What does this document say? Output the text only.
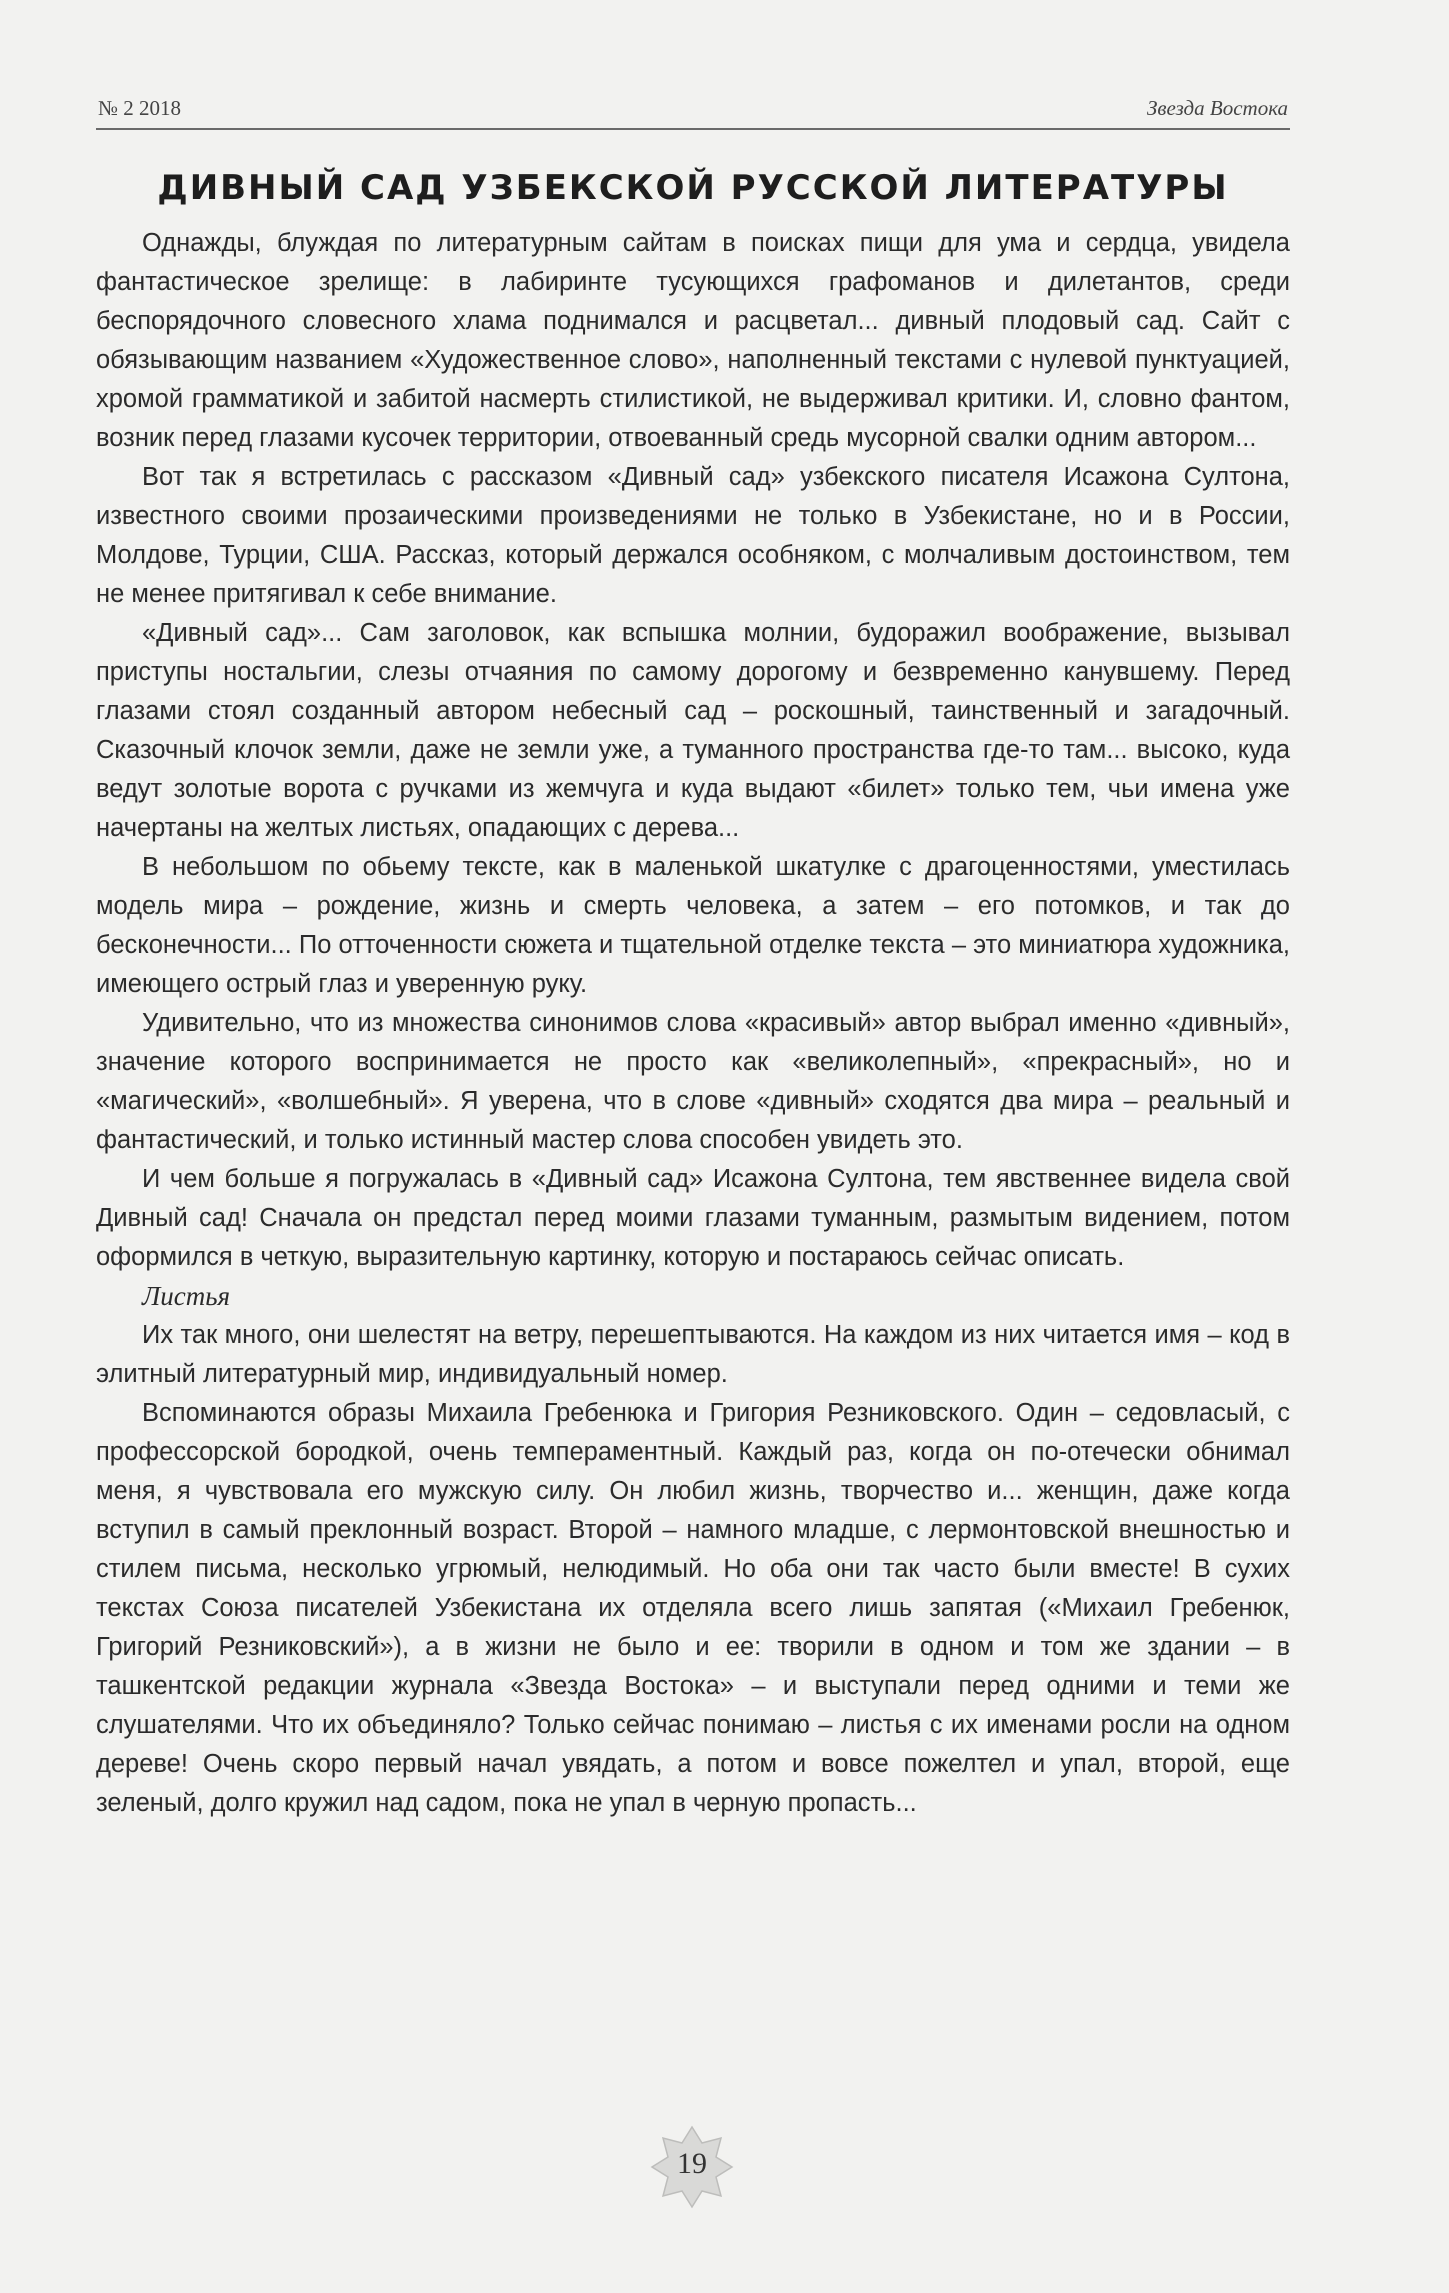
№ 2 2018	Звезда Востока
ДИВНЫЙ САД УЗБЕКСКОЙ РУССКОЙ ЛИТЕРАТУРЫ

Однажды, блуждая по литературным сайтам в поисках пищи для ума и сердца, увидела фантастическое зрелище: в лабиринте тусующихся графоманов и дилетантов, среди беспорядочного словесного хлама поднимался и расцветал... дивный плодовый сад. Сайт с обязывающим названием «Художественное слово», наполненный текстами с нулевой пунктуацией, хромой грамматикой и забитой насмерть стилистикой, не выдерживал критики. И, словно фантом, возник перед глазами кусочек территории, отвоеванный средь мусорной свалки одним автором...

Вот так я встретилась с рассказом «Дивный сад» узбекского писателя Исажона Султона, известного своими прозаическими произведениями не только в Узбекистане, но и в России, Молдове, Турции, США. Рассказ, который держался особняком, с молчаливым достоинством, тем не менее притягивал к себе внимание.

«Дивный сад»... Сам заголовок, как вспышка молнии, будоражил воображение, вызывал приступы ностальгии, слезы отчаяния по самому дорогому и безвременно канувшему. Перед глазами стоял созданный автором небесный сад – роскошный, таинственный и загадочный. Сказочный клочок земли, даже не земли уже, а туманного пространства где-то там... высоко, куда ведут золотые ворота с ручками из жемчуга и куда выдают «билет» только тем, чьи имена уже начертаны на желтых листьях, опадающих с дерева...

В небольшом по обьему тексте, как в маленькой шкатулке с драгоценностями, уместилась модель мира – рождение, жизнь и смерть человека, а затем – его потомков, и так до бесконечности... По отточенности сюжета и тщательной отделке текста – это миниатюра художника, имеющего острый глаз и уверенную руку.

Удивительно, что из множества синонимов слова «красивый» автор выбрал именно «дивный», значение которого воспринимается не просто как «великолепный», «прекрасный», но и «магический», «волшебный». Я уверена, что в слове «дивный» сходятся два мира – реальный и фантастический, и только истинный мастер слова способен увидеть это.

И чем больше я погружалась в «Дивный сад» Исажона Султона, тем явственнее видела свой Дивный сад! Сначала он предстал перед моими глазами туманным, размытым видением, потом оформился в четкую, выразительную картинку, которую и постараюсь сейчас описать.

Листья

Их так много, они шелестят на ветру, перешептываются. На каждом из них читается имя – код в элитный литературный мир, индивидуальный номер.

Вспоминаются образы Михаила Гребенюка и Григория Резниковского. Один – седовласый, с профессорской бородкой, очень темпераментный. Каждый раз, когда он по-отечески обнимал меня, я чувствовала его мужскую силу. Он любил жизнь, творчество и... женщин, даже когда вступил в самый преклонный возраст. Второй – намного младше, с лермонтовской внешностью и стилем письма, несколько угрюмый, нелюдимый. Но оба они так часто были вместе! В сухих текстах Союза писателей Узбекистана их отделяла всего лишь запятая («Михаил Гребенюк, Григорий Резниковский»), а в жизни не было и ее: творили в одном и том же здании – в ташкентской редакции журнала «Звезда Востока» – и выступали перед одними и теми же слушателями. Что их объединяло? Только сейчас понимаю – листья с их именами росли на одном дереве! Очень скоро первый начал увядать, а потом и вовсе пожелтел и упал, второй, еще зеленый, долго кружил над садом, пока не упал в черную пропасть...

19
